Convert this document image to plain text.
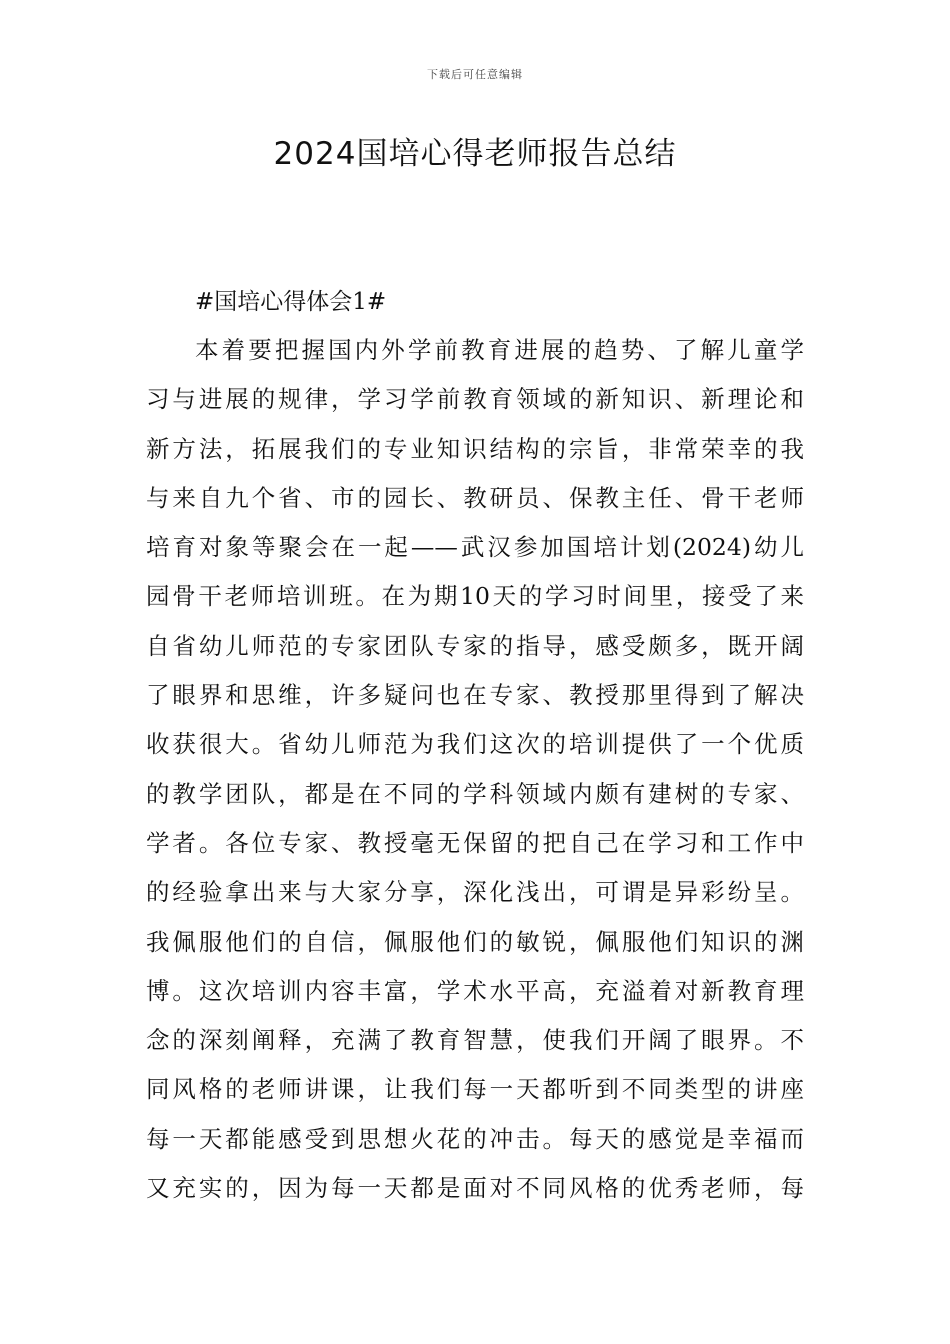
下载后可任意编辑
2024国培心得老师报告总结
#国培心得体会1#
本着要把握国内外学前教育进展的趋势、了解儿童学
习与进展的规律，学习学前教育领域的新知识、新理论和
新方法，拓展我们的专业知识结构的宗旨，非常荣幸的我
与来自九个省、市的园长、教研员、保教主任、骨干老师
培育对象等聚会在一起——武汉参加国培计划(2024)幼儿
园骨干老师培训班。在为期10天的学习时间里，接受了来
自省幼儿师范的专家团队专家的指导，感受颇多，既开阔
了眼界和思维，许多疑问也在专家、教授那里得到了解决
收获很大。省幼儿师范为我们这次的培训提供了一个优质
的教学团队，都是在不同的学科领域内颇有建树的专家、
学者。各位专家、教授毫无保留的把自己在学习和工作中
的经验拿出来与大家分享，深化浅出，可谓是异彩纷呈。
我佩服他们的自信，佩服他们的敏锐，佩服他们知识的渊
博。这次培训内容丰富，学术水平高，充溢着对新教育理
念的深刻阐释，充满了教育智慧，使我们开阔了眼界。不
同风格的老师讲课，让我们每一天都听到不同类型的讲座
每一天都能感受到思想火花的冲击。每天的感觉是幸福而
又充实的，因为每一天都是面对不同风格的优秀老师，每
